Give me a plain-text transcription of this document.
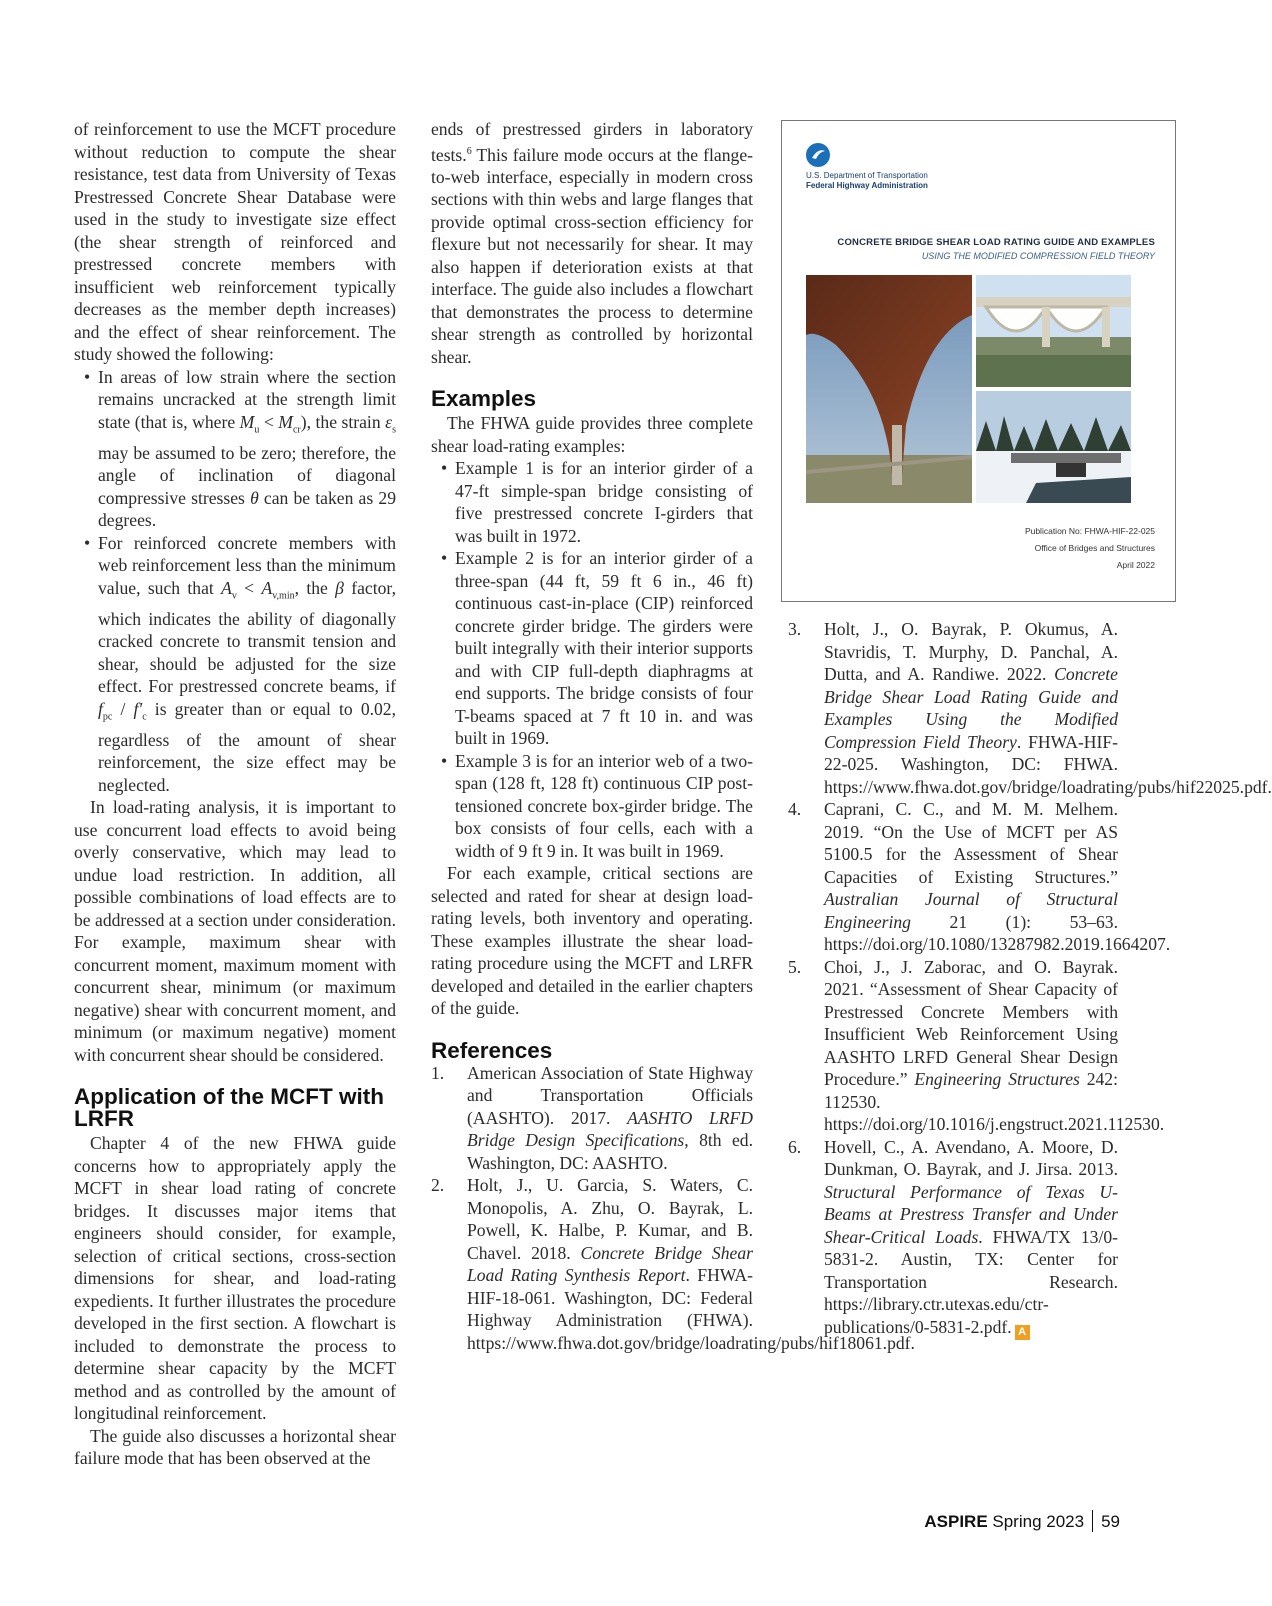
of reinforcement to use the MCFT procedure without reduction to compute the shear resistance, test data from University of Texas Prestressed Concrete Shear Database were used in the study to investigate size effect (the shear strength of reinforced and prestressed concrete members with insufficient web reinforcement typically decreases as the member depth increases) and the effect of shear reinforcement. The study showed the following:

• In areas of low strain where the section remains uncracked at the strength limit state (that is, where $M_u < M_{cr}$), the strain $\varepsilon_s$ may be assumed to be zero; therefore, the angle of inclination of diagonal compressive stresses θ can be taken as 29 degrees.
• For reinforced concrete members with web reinforcement less than the minimum value, such that $A_v < A_{v,min}$, the β factor, which indicates the ability of diagonally cracked concrete to transmit tension and shear, should be adjusted for the size effect. For prestressed concrete beams, if $f_{pc} / f'_c$ is greater than or equal to 0.02, regardless of the amount of shear reinforcement, the size effect may be neglected.

In load-rating analysis, it is important to use concurrent load effects to avoid being overly conservative, which may lead to undue load restriction. In addition, all possible combinations of load effects are to be addressed at a section under consideration. For example, maximum shear with concurrent moment, maximum moment with concurrent shear, minimum (or maximum negative) shear with concurrent moment, and minimum (or maximum negative) moment with concurrent shear should be considered.

Application of the MCFT with LRFR

Chapter 4 of the new FHWA guide concerns how to appropriately apply the MCFT in shear load rating of concrete bridges. It discusses major items that engineers should consider, for example, selection of critical sections, cross-section dimensions for shear, and load-rating expedients. It further illustrates the procedure developed in the first section. A flowchart is included to demonstrate the process to determine shear capacity by the MCFT method and as controlled by the amount of longitudinal reinforcement.

The guide also discusses a horizontal shear failure mode that has been observed at the

ends of prestressed girders in laboratory tests.$^6$ This failure mode occurs at the flange-to-web interface, especially in modern cross sections with thin webs and large flanges that provide optimal cross-section efficiency for flexure but not necessarily for shear. It may also happen if deterioration exists at that interface. The guide also includes a flowchart that demonstrates the process to determine shear strength as controlled by horizontal shear.

Examples

The FHWA guide provides three complete shear load-rating examples:

• Example 1 is for an interior girder of a 47-ft simple-span bridge consisting of five prestressed concrete I-girders that was built in 1972.
• Example 2 is for an interior girder of a three-span (44 ft, 59 ft 6 in., 46 ft) continuous cast-in-place (CIP) reinforced concrete girder bridge. The girders were built integrally with their interior supports and with CIP full-depth diaphragms at end supports. The bridge consists of four T-beams spaced at 7 ft 10 in. and was built in 1969.
• Example 3 is for an interior web of a two-span (128 ft, 128 ft) continuous CIP post-tensioned concrete box-girder bridge. The box consists of four cells, each with a width of 9 ft 9 in. It was built in 1969.

For each example, critical sections are selected and rated for shear at design load-rating levels, both inventory and operating. These examples illustrate the shear load-rating procedure using the MCFT and LRFR developed and detailed in the earlier chapters of the guide.

References
1. American Association of State Highway and Transportation Officials (AASHTO). 2017. AASHTO LRFD Bridge Design Specifications, 8th ed. Washington, DC: AASHTO.
2. Holt, J., U. Garcia, S. Waters, C. Monopolis, A. Zhu, O. Bayrak, L. Powell, K. Halbe, P. Kumar, and B. Chavel. 2018. Concrete Bridge Shear Load Rating Synthesis Report. FHWA-HIF-18-061. Washington, DC: Federal Highway Administration (FHWA). https://www.fhwa.dot.gov/bridge/loadrating/pubs/hif18061.pdf.
U.S. Department of Transportation
Federal Highway Administration
CONCRETE BRIDGE SHEAR LOAD RATING GUIDE AND EXAMPLES
USING THE MODIFIED COMPRESSION FIELD THEORY
Publication No: FHWA-HIF-22-025
Office of Bridges and Structures
April 2022
3. Holt, J., O. Bayrak, P. Okumus, A. Stavridis, T. Murphy, D. Panchal, A. Dutta, and A. Randiwe. 2022. Concrete Bridge Shear Load Rating Guide and Examples Using the Modified Compression Field Theory. FHWA-HIF-22-025. Washington, DC: FHWA. https://www.fhwa.dot.gov/bridge/loadrating/pubs/hif22025.pdf.
4. Caprani, C. C., and M. M. Melhem. 2019. “On the Use of MCFT per AS 5100.5 for the Assessment of Shear Capacities of Existing Structures.” Australian Journal of Structural Engineering 21 (1): 53–63. https://doi.org/10.1080/13287982.2019.1664207.
5. Choi, J., J. Zaborac, and O. Bayrak. 2021. “Assessment of Shear Capacity of Prestressed Concrete Members with Insufficient Web Reinforcement Using AASHTO LRFD General Shear Design Procedure.” Engineering Structures 242: 112530. https://doi.org/10.1016/j.engstruct.2021.112530.
6. Hovell, C., A. Avendano, A. Moore, D. Dunkman, O. Bayrak, and J. Jirsa. 2013. Structural Performance of Texas U-Beams at Prestress Transfer and Under Shear-Critical Loads. FHWA/TX 13/0-5831-2. Austin, TX: Center for Transportation Research. https://library.ctr.utexas.edu/ctr-publications/0-5831-2.pdf. A
ASPIRE Spring 2023 59
